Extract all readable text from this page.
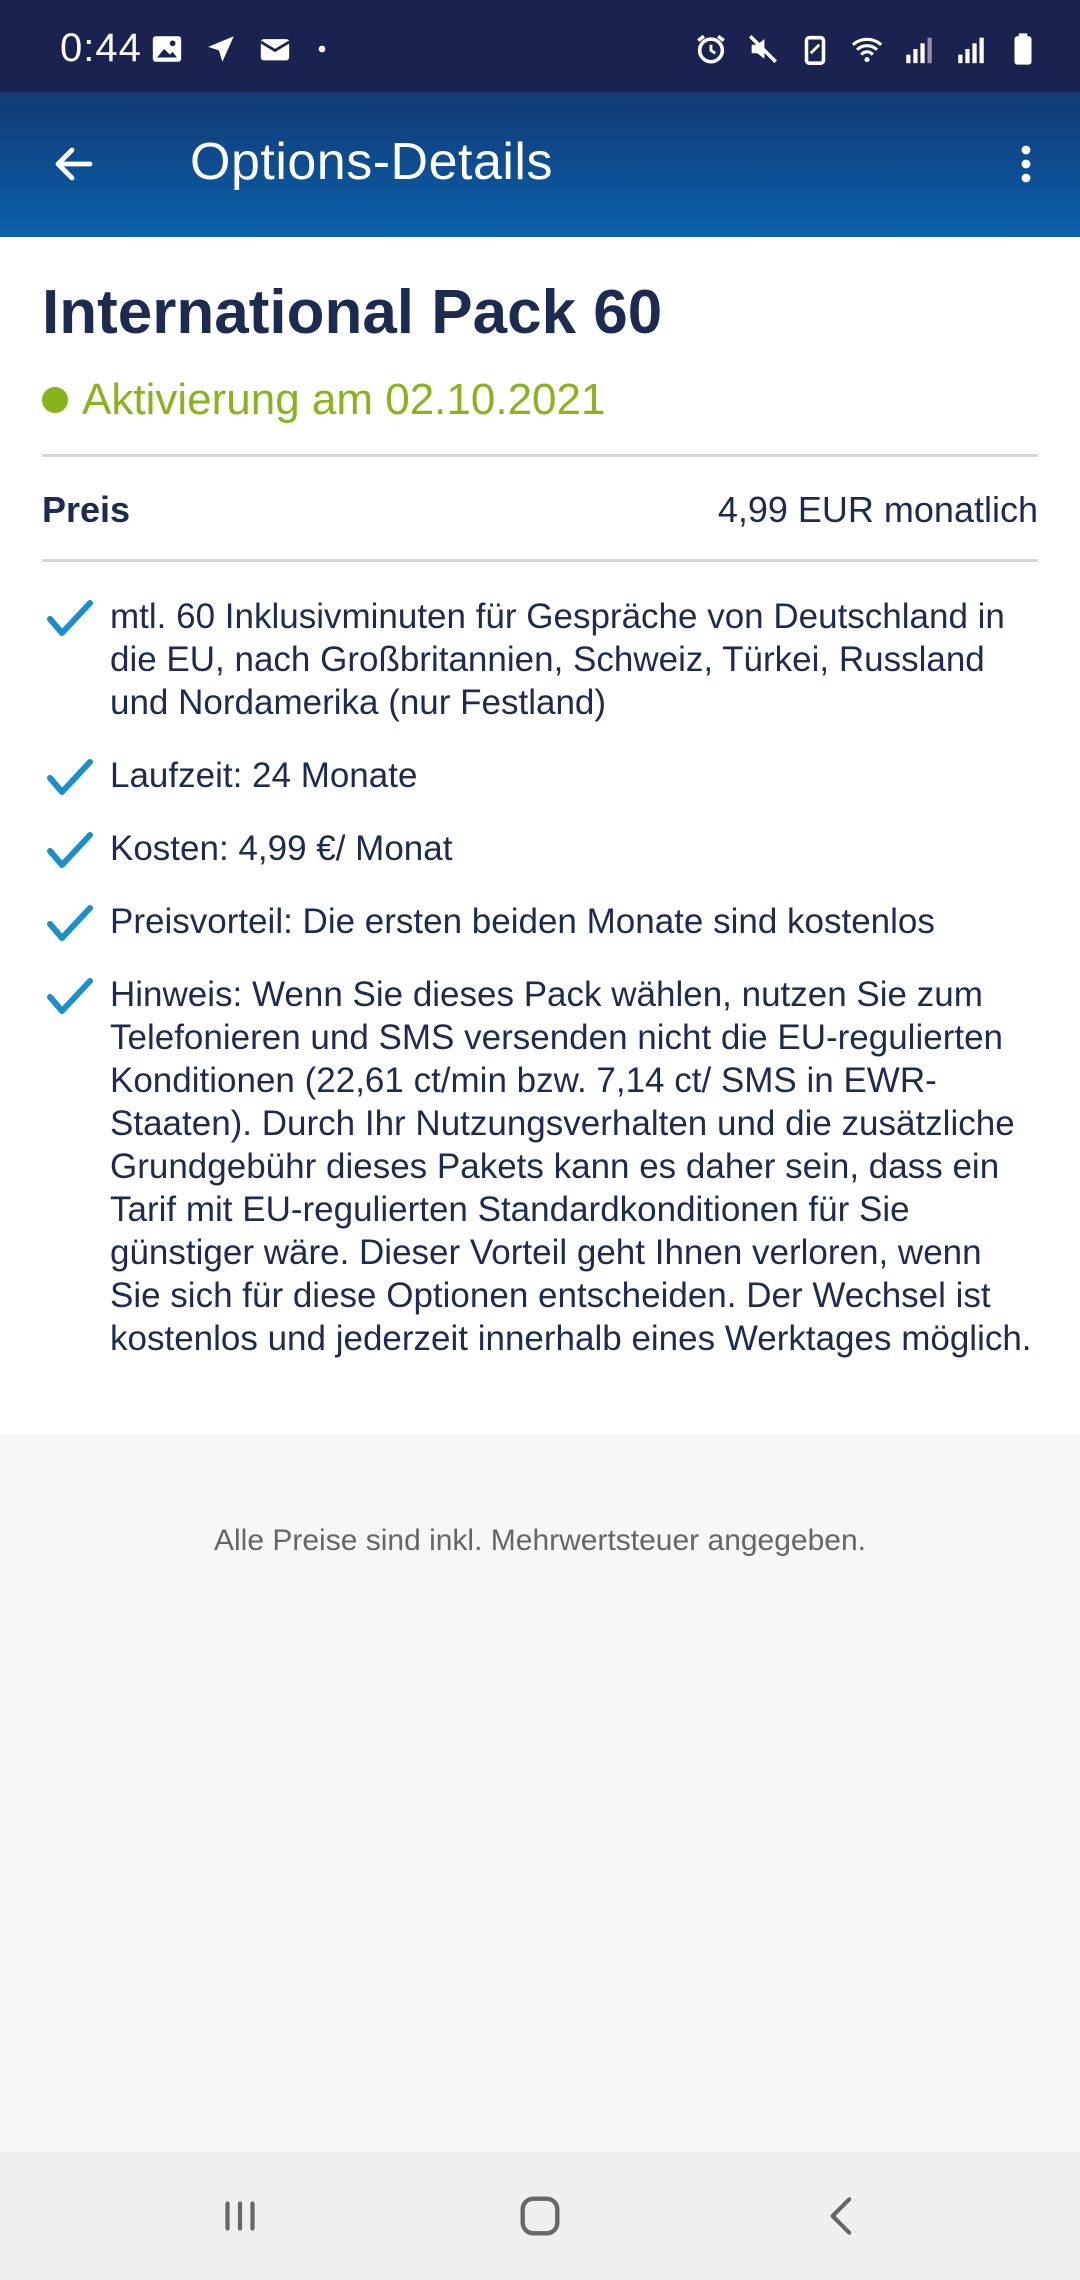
0:44
Options-Details
International Pack 60
Aktivierung am 02.10.2021
Preis	4,99 EUR monatlich
mtl. 60 Inklusivminuten für Gespräche von Deutschland in die EU, nach Großbritannien, Schweiz, Türkei, Russland und Nordamerika (nur Festland)
Laufzeit: 24 Monate
Kosten: 4,99 €/ Monat
Preisvorteil: Die ersten beiden Monate sind kostenlos
Hinweis: Wenn Sie dieses Pack wählen, nutzen Sie zum Telefonieren und SMS versenden nicht die EU-regulierten Konditionen (22,61 ct/min bzw. 7,14 ct/ SMS in EWR-Staaten). Durch Ihr Nutzungsverhalten und die zusätzliche Grundgebühr dieses Pakets kann es daher sein, dass ein Tarif mit EU-regulierten Standardkonditionen für Sie günstiger wäre. Dieser Vorteil geht Ihnen verloren, wenn Sie sich für diese Optionen entscheiden. Der Wechsel ist kostenlos und jederzeit innerhalb eines Werktages möglich.
Alle Preise sind inkl. Mehrwertsteuer angegeben.
